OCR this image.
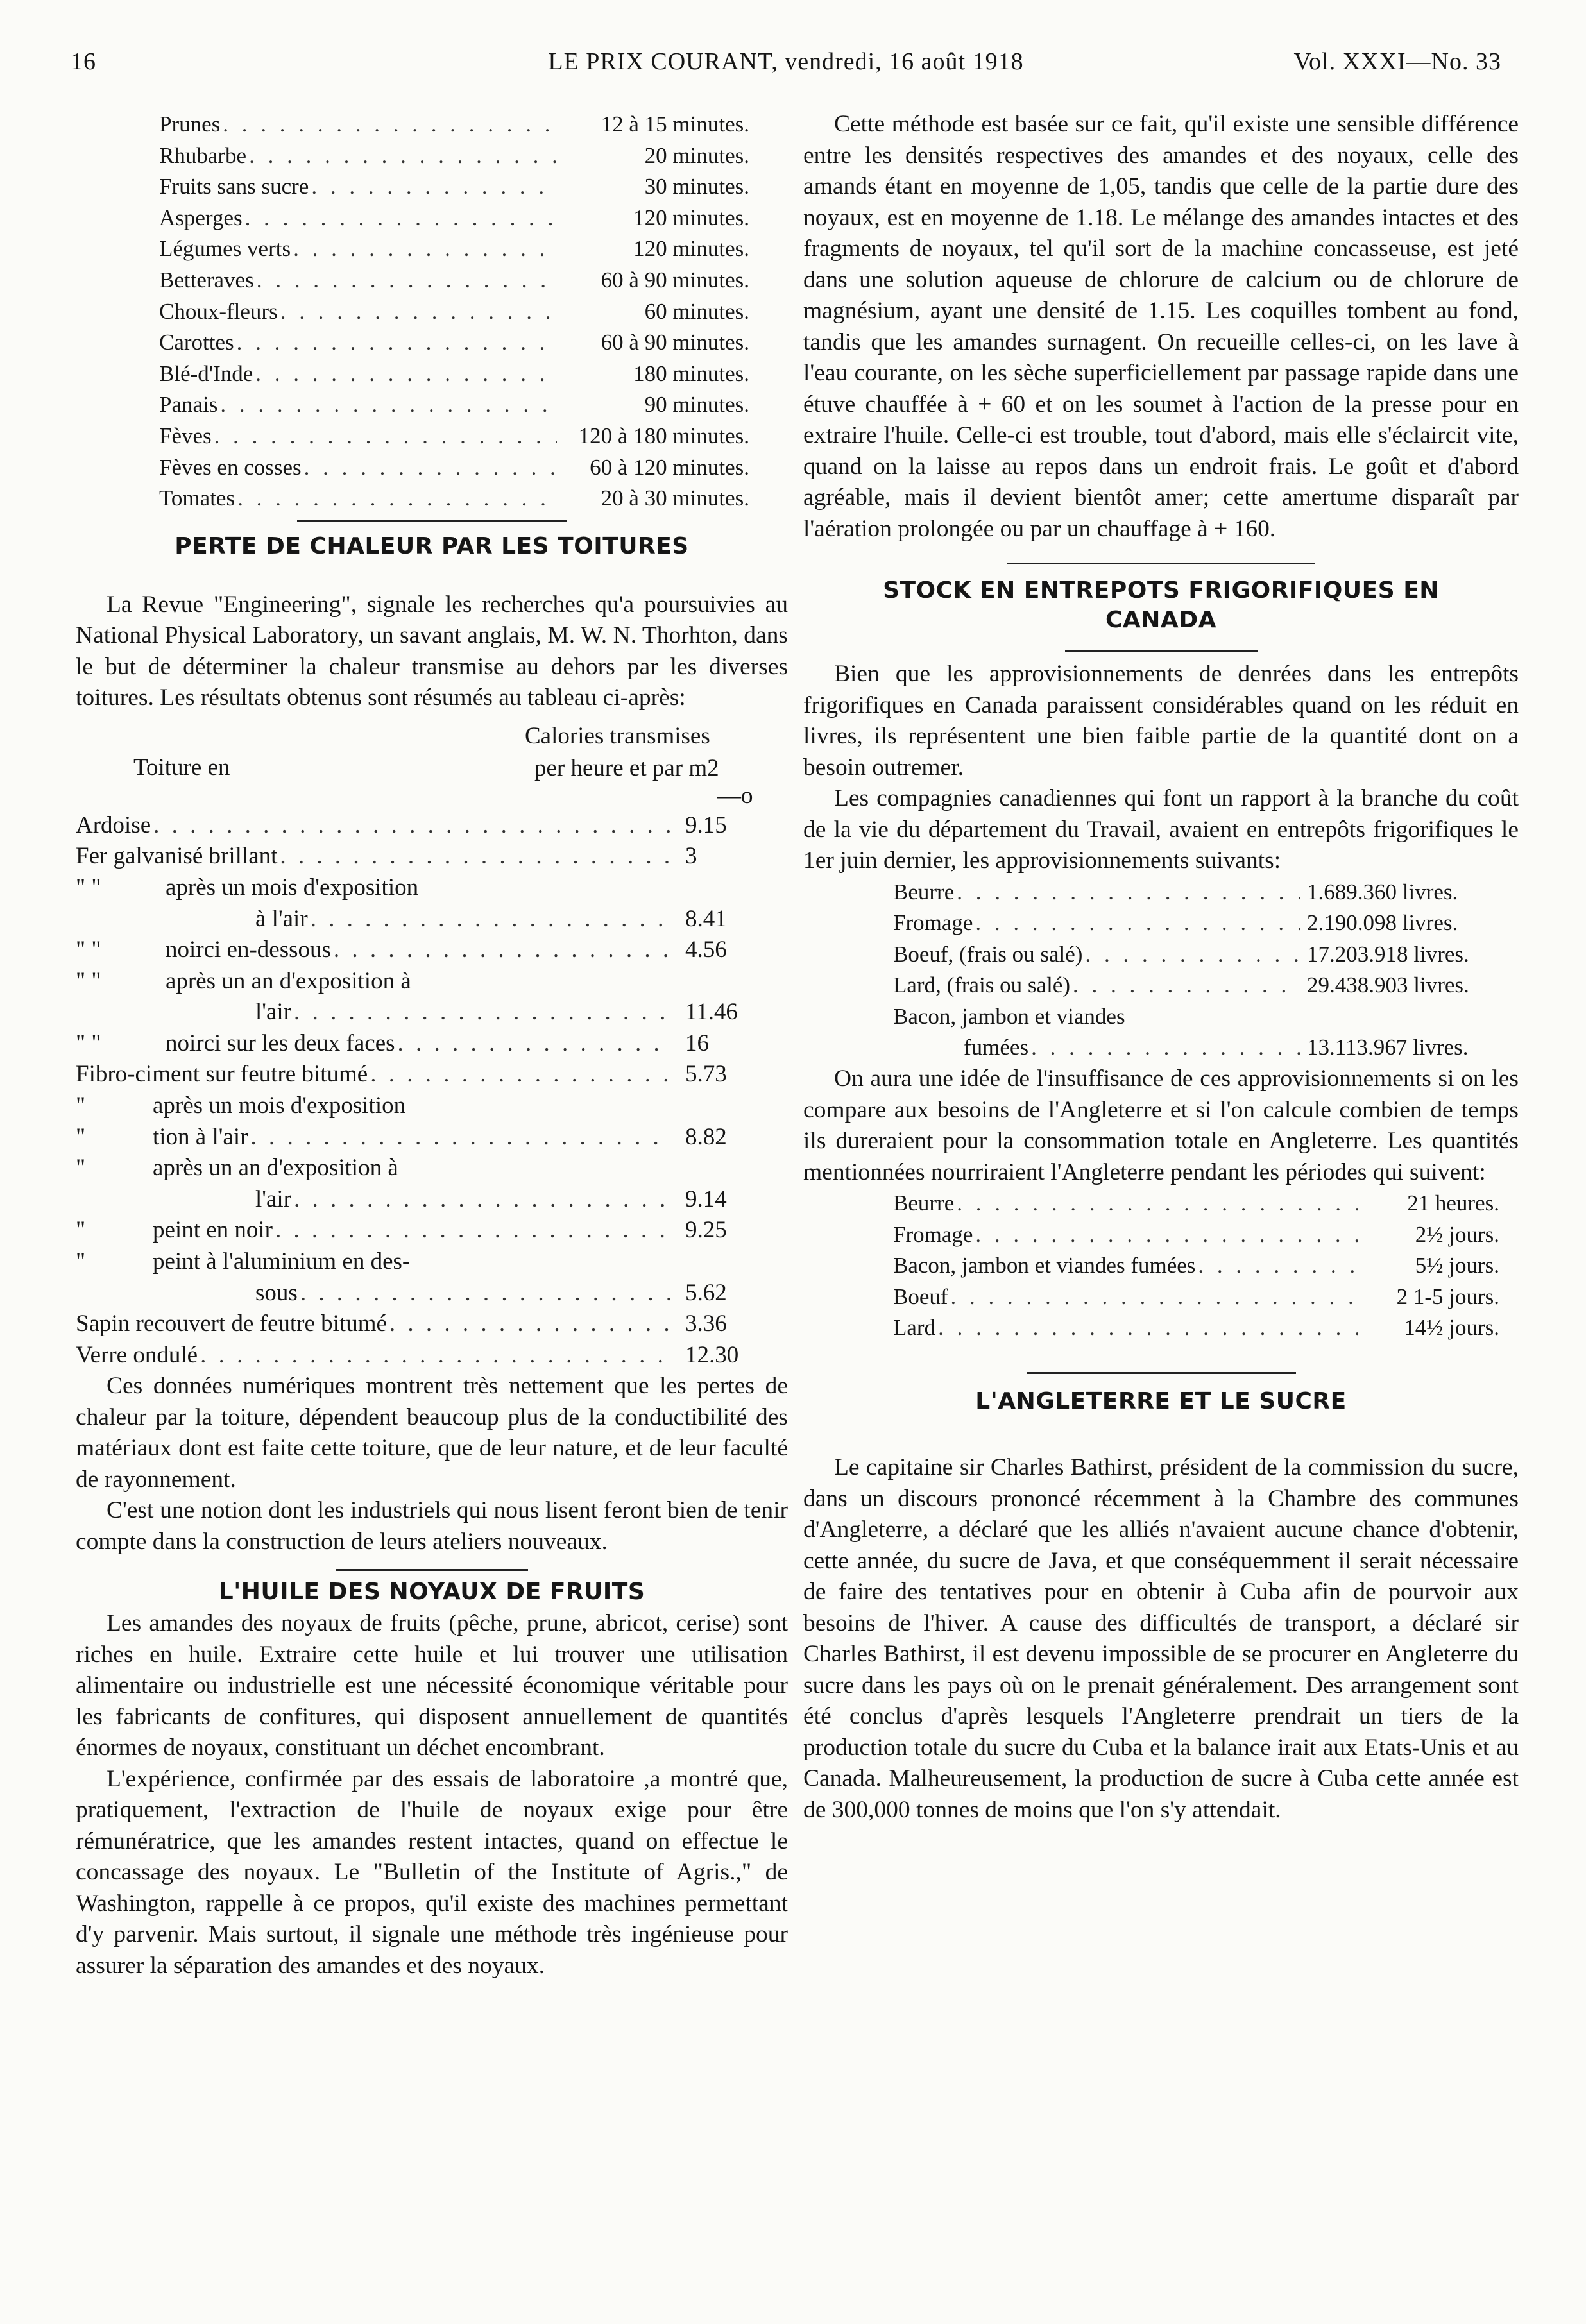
16	LE PRIX COURANT, vendredi, 16 août 1918	Vol. XXXI—No. 33
Prunes . . .	12 à 15 minutes.
Rhubarbe . . .	20 minutes.
Fruits sans sucre . . .	30 minutes.
Asperges . . .	120 minutes.
Légumes verts . . .	120 minutes.
Betteraves . . .	60 à 90 minutes.
Choux-fleurs . . .	60 minutes.
Carottes . . .	60 à 90 minutes.
Blé-d'Inde . . .	180 minutes.
Panais . . .	90 minutes.
Fèves . . .	120 à 180 minutes.
Fèves en cosses . . .	60 à 120 minutes.
Tomates . . .	20 à 30 minutes.
PERTE DE CHALEUR PAR LES TOITURES

La Revue "Engineering", signale les recherches qu'a poursuivies au National Physical Laboratory, un savant anglais, M. W. N. Thorhton, dans le but de déterminer la chaleur transmise au dehors par les diverses toitures. Les résultats obtenus sont résumés au tableau ci-après:

Calories transmises
Toiture en	per heure et par m2
—o
Ardoise . . .	9.15
Fer galvanisé brillant . . .	3
" "	après un mois d'exposition
à l'air . . .	8.41
" "	noirci en-dessous . . .	4.56
" "	après un an d'exposition à
l'air . . .	11.46
" "	noirci sur les deux faces . . .	16
Fibro-ciment sur feutre bitumé . . .	5.73
"	après un mois d'exposition
"	tion à l'air . . .	8.82
"	après un an d'exposition à
l'air . . .	9.14
"	peint en noir . . .	9.25
"	peint à l'aluminium en des-
sous . . .	5.62
Sapin recouvert de feutre bitumé . . .	3.36
Verre ondulé . . .	12.30

Ces données numériques montrent très nettement que les pertes de chaleur par la toiture, dépendent beaucoup plus de la conductibilité des matériaux dont est faite cette toiture, que de leur nature, et de leur faculté de rayonnement.

C'est une notion dont les industriels qui nous lisent feront bien de tenir compte dans la construction de leurs ateliers nouveaux.

L'HUILE DES NOYAUX DE FRUITS

Les amandes des noyaux de fruits (pêche, prune, abricot, cerise) sont riches en huile. Extraire cette huile et lui trouver une utilisation alimentaire ou industrielle est une nécessité économique véritable pour les fabricants de confitures, qui disposent annuellement de quantités énormes de noyaux, constituant un déchet encombrant.

L'expérience, confirmée par des essais de laboratoire ,a montré que, pratiquement, l'extraction de l'huile de noyaux exige pour être rémunératrice, que les amandes restent intactes, quand on effectue le concassage des noyaux. Le "Bulletin of the Institute of Agris.," de Washington, rappelle à ce propos, qu'il existe des machines permettant d'y parvenir. Mais surtout, il signale une méthode très ingénieuse pour assurer la séparation des amandes et des noyaux.

Cette méthode est basée sur ce fait, qu'il existe une sensible différence entre les densités respectives des amandes et des noyaux, celle des amands étant en moyenne de 1,05, tandis que celle de la partie dure des noyaux, est en moyenne de 1.18. Le mélange des amandes intactes et des fragments de noyaux, tel qu'il sort de la machine concasseuse, est jeté dans une solution aqueuse de chlorure de calcium ou de chlorure de magnésium, ayant une densité de 1.15. Les coquilles tombent au fond, tandis que les amandes surnagent. On recueille celles-ci, on les lave à l'eau courante, on les sèche superficiellement par passage rapide dans une étuve chauffée à + 60 et on les soumet à l'action de la presse pour en extraire l'huile. Celle-ci est trouble, tout d'abord, mais elle s'éclaircit vite, quand on la laisse au repos dans un endroit frais. Le goût et d'abord agréable, mais il devient bientôt amer; cette amertume disparaît par l'aération prolongée ou par un chauffage à + 160.

STOCK EN ENTREPOTS FRIGORIFIQUES EN
CANADA

Bien que les approvisionnements de denrées dans les entrepôts frigorifiques en Canada paraissent considérables quand on les réduit en livres, ils représentent une bien faible partie de la quantité dont on a besoin outremer.

Les compagnies canadiennes qui font un rapport à la branche du coût de la vie du département du Travail, avaient en entrepôts frigorifiques le 1er juin dernier, les approvisionnements suivants:

Beurre . . .	1.689.360 livres.
Fromage . . .	2.190.098 livres.
Boeuf, (frais ou salé) . . .	17.203.918 livres.
Lard, (frais ou salé) . . .	29.438.903 livres.
Bacon, jambon et viandes
fumées . . .	13.113.967 livres.

On aura une idée de l'insuffisance de ces approvisionnements si on les compare aux besoins de l'Angleterre et si l'on calcule combien de temps ils dureraient pour la consommation totale en Angleterre. Les quantités mentionnées nourriraient l'Angleterre pendant les périodes qui suivent:

Beurre . . .	21 heures.
Fromage . . .	2½ jours.
Bacon, jambon et viandes fumées . . .	5½ jours.
Boeuf . . .	2 1-5 jours.
Lard . . .	14½ jours.
L'ANGLETERRE ET LE SUCRE

Le capitaine sir Charles Bathirst, président de la commission du sucre, dans un discours prononcé récemment à la Chambre des communes d'Angleterre, a déclaré que les alliés n'avaient aucune chance d'obtenir, cette année, du sucre de Java, et que conséquemment il serait nécessaire de faire des tentatives pour en obtenir à Cuba afin de pourvoir aux besoins de l'hiver. A cause des difficultés de transport, a déclaré sir Charles Bathirst, il est devenu impossible de se procurer en Angleterre du sucre dans les pays où on le prenait généralement. Des arrangement sont été conclus d'après lesquels l'Angleterre prendrait un tiers de la production totale du sucre du Cuba et la balance irait aux Etats-Unis et au Canada. Malheureusement, la production de sucre à Cuba cette année est de 300,000 tonnes de moins que l'on s'y attendait.
